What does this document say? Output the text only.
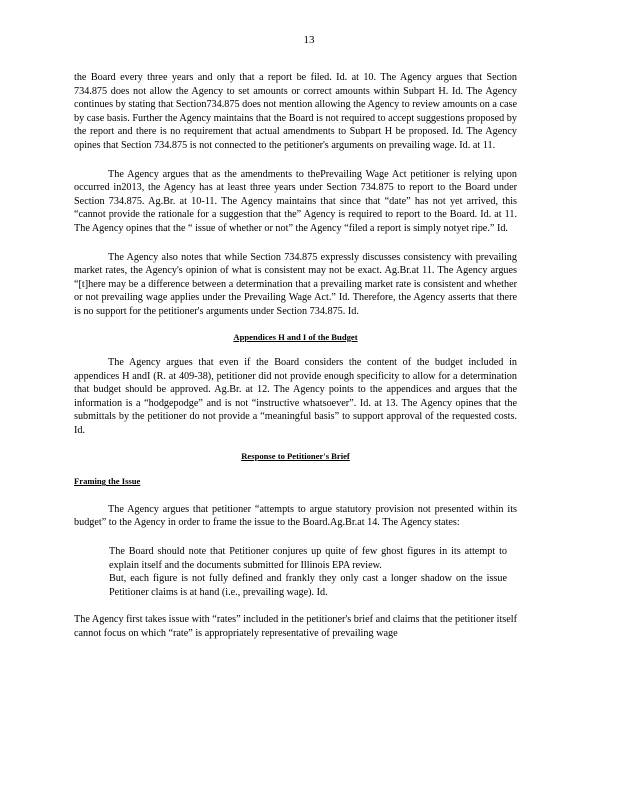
13

the Board every three years and only that a report be filed. Id. at 10. The Agency argues that Section 734.875 does not allow the Agency to set amounts or correct amounts within Subpart H. Id. The Agency continues by stating that Section734.875 does not mention allowing the Agency to review amounts on a case by case basis. Further the Agency maintains that the Board is not required to accept suggestions proposed by the report and there is no requirement that actual amendments to Subpart H be proposed. Id. The Agency opines that Section 734.875 is not connected to the petitioner's arguments on prevailing wage. Id. at 11.

The Agency argues that as the amendments to thePrevailing Wage Act petitioner is relying upon occurred in2013, the Agency has at least three years under Section 734.875 to report to the Board under Section 734.875. Ag.Br. at 10-11. The Agency maintains that since that “date” has not yet arrived, this “cannot provide the rationale for a suggestion that the” Agency is required to report to the Board. Id. at 11. The Agency opines that the “ issue of whether or not” the Agency “filed a report is simply notyet ripe.” Id.

The Agency also notes that while Section 734.875 expressly discusses consistency with prevailing market rates, the Agency's opinion of what is consistent may not be exact. Ag.Br.at 11. The Agency argues “[t]here may be a difference between a determination that a prevailing market rate is consistent and whether or not prevailing wage applies under the Prevailing Wage Act.” Id. Therefore, the Agency asserts that there is no support for the petitioner's arguments under Section 734.875. Id.

Appendices H and I of the Budget

The Agency argues that even if the Board considers the content of the budget included in appendices H andI (R. at 409-38), petitioner did not provide enough specificity to allow for a determination that budget should be approved. Ag.Br. at 12. The Agency points to the appendices and argues that the information is a “hodgepodge” and is not “instructive whatsoever”. Id. at 13. The Agency opines that the submittals by the petitioner do not provide a “meaningful basis” to support approval of the requested costs. Id.

Response to Petitioner's Brief
Framing the Issue

The Agency argues that petitioner “attempts to argue statutory provision not presented within its budget” to the Agency in order to frame the issue to the Board.Ag.Br.at 14. The Agency states:

The Board should note that Petitioner conjures up quite of few ghost figures in its attempt to explain itself and the documents submitted for Illinois EPA review.
But, each figure is not fully defined and frankly they only cast a longer shadow on the issue Petitioner claims is at hand (i.e., prevailing wage). Id.

The Agency first takes issue with “rates” included in the petitioner's brief and claims that the petitioner itself cannot focus on which “rate” is appropriately representative of prevailing wage
